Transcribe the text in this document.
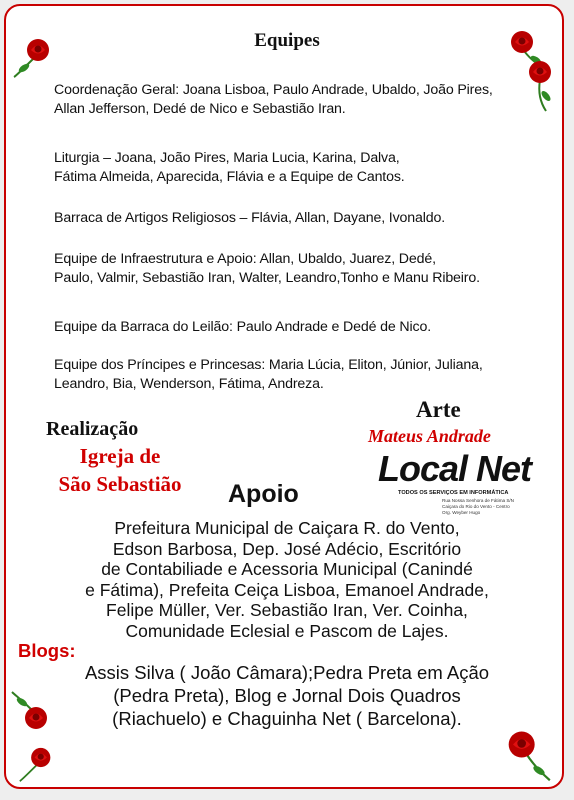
Equipes
Coordenação Geral: Joana Lisboa, Paulo Andrade, Ubaldo, João Pires,
Allan Jefferson, Dedé de Nico e Sebastião Iran.
Liturgia – Joana, João Pires, Maria Lucia, Karina, Dalva,
Fátima Almeida, Aparecida, Flávia e a Equipe de Cantos.
Barraca de Artigos Religiosos – Flávia, Allan, Dayane, Ivonaldo.
Equipe de Infraestrutura e Apoio: Allan, Ubaldo, Juarez, Dedé,
Paulo, Valmir, Sebastião Iran, Walter, Leandro,Tonho e Manu Ribeiro.
Equipe da Barraca do Leilão: Paulo Andrade e Dedé de Nico.
Equipe dos Príncipes e Princesas: Maria Lúcia, Eliton, Júnior, Juliana,
Leandro, Bia, Wenderson, Fátima, Andreza.
Realização
Igreja de
São Sebastião
Arte
Mateus Andrade
Local Net
TODOS OS SERVIÇOS EM INFORMÁTICA
Rua Nossa Senhora de Fátima S/N
Caiçara do Rio do Vento - Centro
Org. Weyber Hugo
Apoio
Prefeitura Municipal de Caiçara R. do Vento,
Edson Barbosa, Dep. José Adécio, Escritório
de Contabiliade e Acessoria Municipal (Canindé
e Fátima), Prefeita Ceiça Lisboa, Emanoel Andrade,
Felipe Müller, Ver. Sebastião Iran, Ver. Coinha,
Comunidade Eclesial e Pascom de Lajes.
Blogs:
Assis Silva ( João Câmara);Pedra Preta em Ação
(Pedra Preta), Blog e Jornal Dois Quadros
(Riachuelo) e Chaguinha Net ( Barcelona).
